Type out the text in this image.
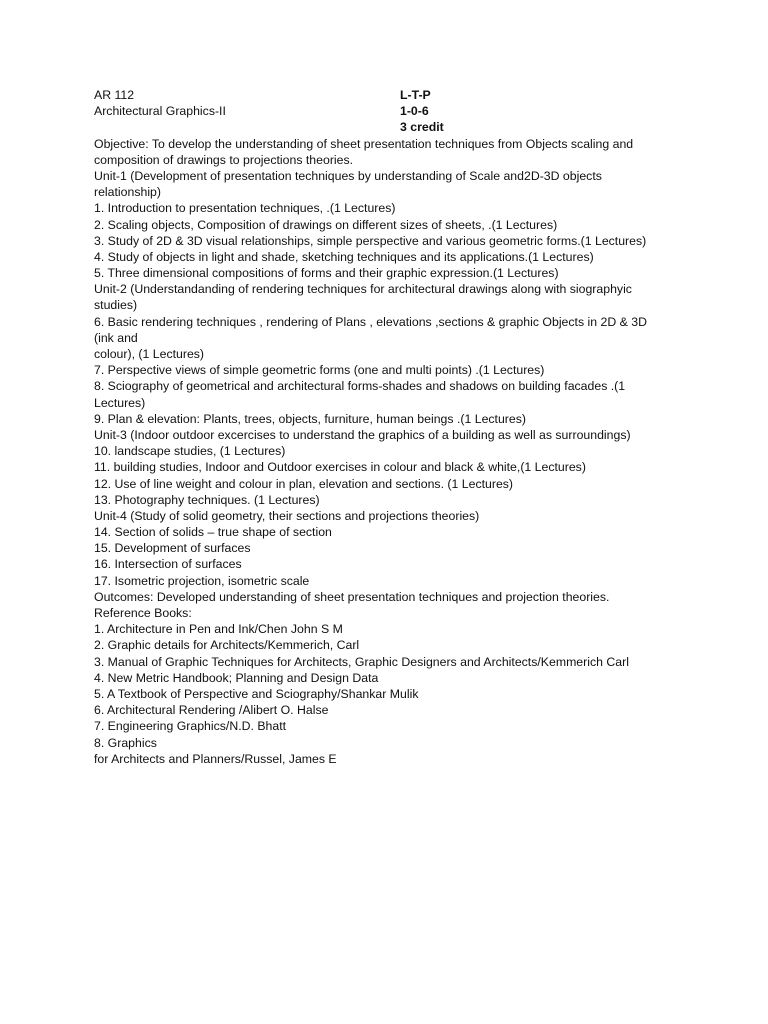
AR 112	L-T-P
Architectural Graphics-II	1-0-6
3 credit
Objective: To develop the understanding of sheet presentation techniques from Objects scaling and
composition of drawings to projections theories.
Unit-1 (Development of presentation techniques by understanding of Scale and2D-3D objects
relationship)
1. Introduction to presentation techniques, .(1 Lectures)
2. Scaling objects, Composition of drawings on different sizes of sheets, .(1 Lectures)
3. Study of 2D & 3D visual relationships, simple perspective and various geometric forms.(1 Lectures)
4. Study of objects in light and shade, sketching techniques and its applications.(1 Lectures)
5. Three dimensional compositions of forms and their graphic expression.(1 Lectures)
Unit-2 (Understandanding of rendering techniques for architectural drawings along with siographyic
studies)
6. Basic rendering techniques , rendering of Plans , elevations ,sections & graphic Objects in 2D & 3D
(ink and
colour), (1 Lectures)
7. Perspective views of simple geometric forms (one and multi points) .(1 Lectures)
8. Sciography of geometrical and architectural forms-shades and shadows on building facades .(1
Lectures)
9. Plan & elevation: Plants, trees, objects, furniture, human beings .(1 Lectures)
Unit-3 (Indoor outdoor excercises to understand the graphics of a building as well as surroundings)
10. landscape studies, (1 Lectures)
11. building studies, Indoor and Outdoor exercises in colour and black & white,(1 Lectures)
12. Use of line weight and colour in plan, elevation and sections. (1 Lectures)
13. Photography techniques. (1 Lectures)
Unit-4 (Study of solid geometry, their sections and projections theories)
14. Section of solids – true shape of section
15. Development of surfaces
16. Intersection of surfaces
17. Isometric projection, isometric scale
Outcomes: Developed understanding of sheet presentation techniques and projection theories.
Reference Books:
1. Architecture in Pen and Ink/Chen John S M
2. Graphic details for Architects/Kemmerich, Carl
3. Manual of Graphic Techniques for Architects, Graphic Designers and Architects/Kemmerich Carl
4. New Metric Handbook; Planning and Design Data
5. A Textbook of Perspective and Sciography/Shankar Mulik
6. Architectural Rendering /Alibert O. Halse
7. Engineering Graphics/N.D. Bhatt
8. Graphics
for Architects and Planners/Russel, James E
